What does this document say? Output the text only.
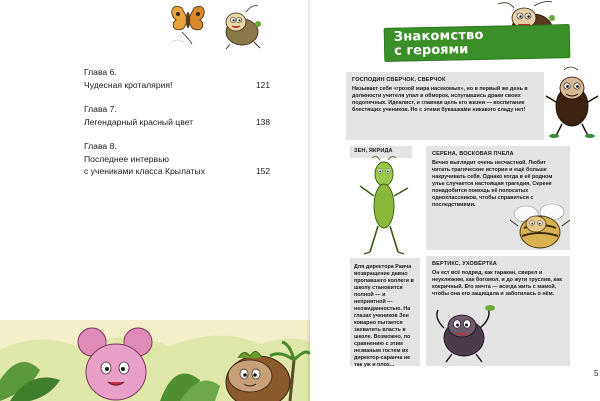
Глава 6.
Чудесная кроталярия!	121
Глава 7.
Легендарный красный цвет	138
Глава 8.
Последнее интервью
с учениками класса Крылатых	152
Знакомство
с героями
ГОСПОДИН СВЕРЧОК, СВЕРЧОК
Называет себя «грозой мира насекомых», но в первый же день в должности учителя упал в обморок, испугавшись драки своих подопечных. Идеалист, и главная цель его жизни — воспитание блестящих учеников. Но с этими букашками никакого сладу нет!
ЗЕН, ЯКРИДА
Для директора Раича возвращение давно пропавшего коллеги в школу становится полной — и неприятной — неожиданностью. На глазах учеников Зен коварно пытается захватить власть в школе. Возможно, по сравнению с этим незваным гостем их директор-саранча не так уж и плох...
СЕРЕНА, ВОСКОВАЯ ПЧЕЛА
Вечно выглядит очень несчастной. Любит читать трагические истории и ещё больше накручивать себя. Однако когда в её родном улье случается настоящая трагедия, Серене понадобится помощь её полосатых одноклассников, чтобы справиться с последствиями.
ВЕРТИКС, УХОВЁРТКА
Он ест всё подряд, как таракан, свирел и неуклюжим, как богомол, и до жути труслив, как кокричный. Его мечта — всегда жить с мамой, чтобы она его защищала и заботилась о нём.
5
